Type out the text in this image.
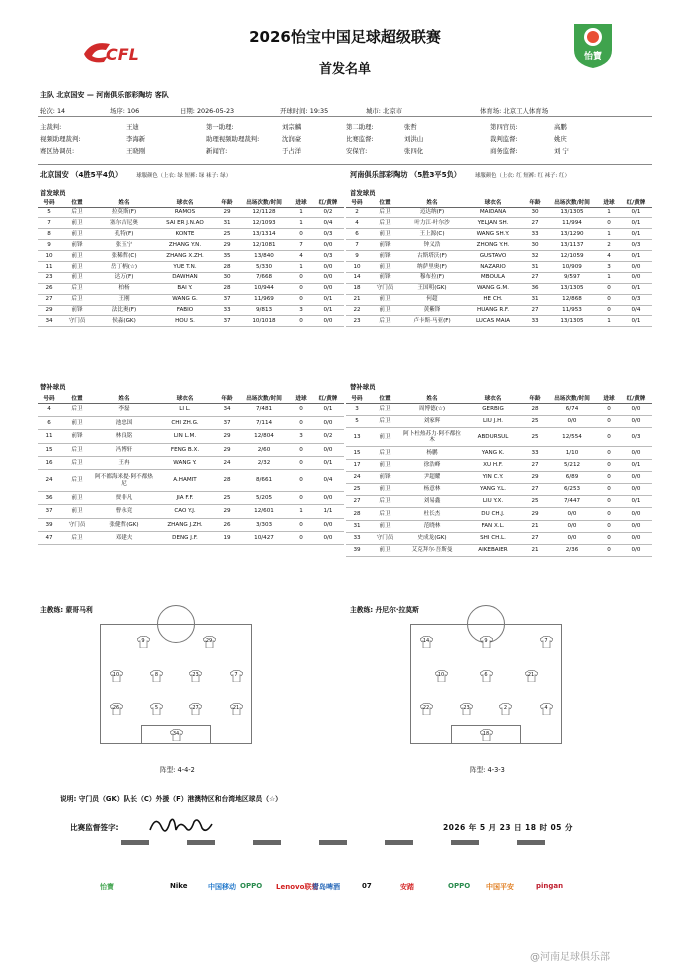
CFL	怡寶
2026怡宝中国足球超级联赛
首发名单
主队 北京国安 — 河南俱乐部彩陶坊 客队
轮次: 14	场序: 106	日期: 2026-05-23	开球时间: 19:35	城市: 北京市	体育场: 北京工人体育场
主裁判:	王迪	第一助理:	刘宗麟	第二助理:	张哲	第四官员:	高鹏
视频助理裁判:	李海新	助理视频助理裁判:	沈润豪	比赛监督:	刘洪山	裁判监督:	姚庆
赛区协调员:	王晓刚	新闻官:	于占洋	安保官:	张四化	商务监督:	刘 宁
北京国安 （4胜5平4负）	球服颜色（上衣: 绿 短裤: 绿 袜子: 绿）
首发球员
号码	位置	姓名	球衣名	年龄	出场次数/时间	进球	红/黄牌
5	后卫	拉莫斯(F)	RAMOS	29	12/1128	1	0/2
7	前卫	塞尔吉尼奥	SAI ER J.N.AO	31	12/1093	1	0/4
8	前卫	孔特(F)	KONTE	25	13/1314	0	0/3
9	前锋	张玉宁	ZHANG Y.N.	29	12/1081	7	0/0
10	前卫	张稀哲(C)	ZHANG X.ZH.	35	13/840	4	0/3
11	前卫	岳丁柄(☆)	YUE T.N.	28	5/330	1	0/0
23	前卫	达万(F)	DAWHAN	30	7/668	0	0/0
26	后卫	柏杨	BAI Y.	28	10/944	0	0/0
27	后卫	王刚	WANG G.	37	11/969	0	0/1
29	前锋	法比奥(F)	FABIO	33	9/813	3	0/1
34	守门员	侯淼(GK)	HOU S.	37	10/1018	0	0/0
替补球员
号码	位置	姓名	球衣名	年龄	出场次数/时间	进球	红/黄牌
4	后卫	李磊	LI L.	34	7/481	0	0/1
6	前卫	池忠国	CHI ZH.G.	37	7/114	0	0/0
11	前锋	林良铭	LIN L.M.	29	12/804	3	0/2
15	后卫	冯博轩	FENG B.X.	29	2/60	0	0/0
16	后卫	王冉	WANG Y.	24	2/32	0	0/1
24	后卫	阿不都海米提·阿不都热尼	A.HAMIT	28	8/661	0	0/4
36	前卫	贾非凡	JIA F.F.	25	5/205	0	0/0
37	前卫	曹永竞	CAO Y.J.	29	12/601	1	1/1
39	守门员	张健哲(GK)	ZHANG J.ZH.	26	3/303	0	0/0
47	后卫	邓建夫	DENG J.F.	19	10/427	0	0/0
河南俱乐部彩陶坊 （5胜3平5负）	球服颜色（上衣: 红 短裤: 红 袜子: 红）
首发球员
号码	位置	姓名	球衣名	年龄	出场次数/时间	进球	红/黄牌
2	后卫	迈达纳(F)	MAIDANA	30	13/1305	1	0/1
4	后卫	叶力江·叶尔沙	YELJAN SH.	27	11/994	0	0/1
6	前卫	王上源(C)	WANG SH.Y.	33	13/1290	1	0/1
7	前锋	钟义浩	ZHONG Y.H.	30	13/1137	2	0/3
9	前锋	古斯塔沃(F)	GUSTAVO	32	12/1059	4	0/1
10	前卫	纳萨里奥(F)	NAZARIO	31	10/909	3	0/0
14	前锋	穆布拉(F)	MBOULA	27	9/597	1	0/0
18	守门员	王国明(GK)	WANG G.M.	36	13/1305	0	0/1
21	前卫	何超	HE CH.	31	12/868	0	0/3
22	前卫	黄紫锋	HUANG R.F.	27	11/953	0	0/4
23	后卫	卢卡斯·马亚(F)	LUCAS MAIA	33	13/1305	1	0/1
替补球员
号码	位置	姓名	球衣名	年龄	出场次数/时间	进球	红/黄牌
3	后卫	周博德(☆)	GERBIG	28	6/74	0	0/0
5	后卫	刘家辉	LIU J.H.	25	0/0	0	0/0
13	前卫	阿卜杜热苏力·阿不都拉木	ABDURSUL	25	12/554	0	0/3
15	后卫	杨鹏	YANG K.	33	1/10	0	0/0
17	前卫	徐浩峰	XU H.F.	27	5/212	0	0/1
24	前锋	尹超耀	YIN C.Y.	29	6/89	0	0/0
25	前卫	杨意林	YANG Y.L.	27	6/253	0	0/0
27	后卫	刘易鑫	LIU Y.X.	25	7/447	0	0/1
28	后卫	杜长杰	DU CH.J.	29	0/0	0	0/0
31	前卫	范晓林	FAN X.L.	21	0/0	0	0/0
33	守门员	史成龙(GK)	SHI CH.L.	27	0/0	0	0/0
39	前卫	艾克拜尔·吾斯曼	AIKEBAIER	21	2/36	0	0/0
主教练: 蒙哥马利	主教练: 丹尼尔·拉莫斯
9	29
10	8	23	7
26	5	27	21
34
14	9	7
10	6	21
22	23	2	4
18
阵型: 4-4-2	阵型: 4-3-3
说明: 守门员（GK）队长（C）外援（F）港澳特区和台湾地区球员（☆）
比赛监督签字:	2026 年 5 月 23 日 18 时 05 分
怡寶	Nike	中国移动 OPPO Lenovo联想
青岛啤酒	07	安踏	OPPO 中国平安	pingan
@河南足球俱乐部
